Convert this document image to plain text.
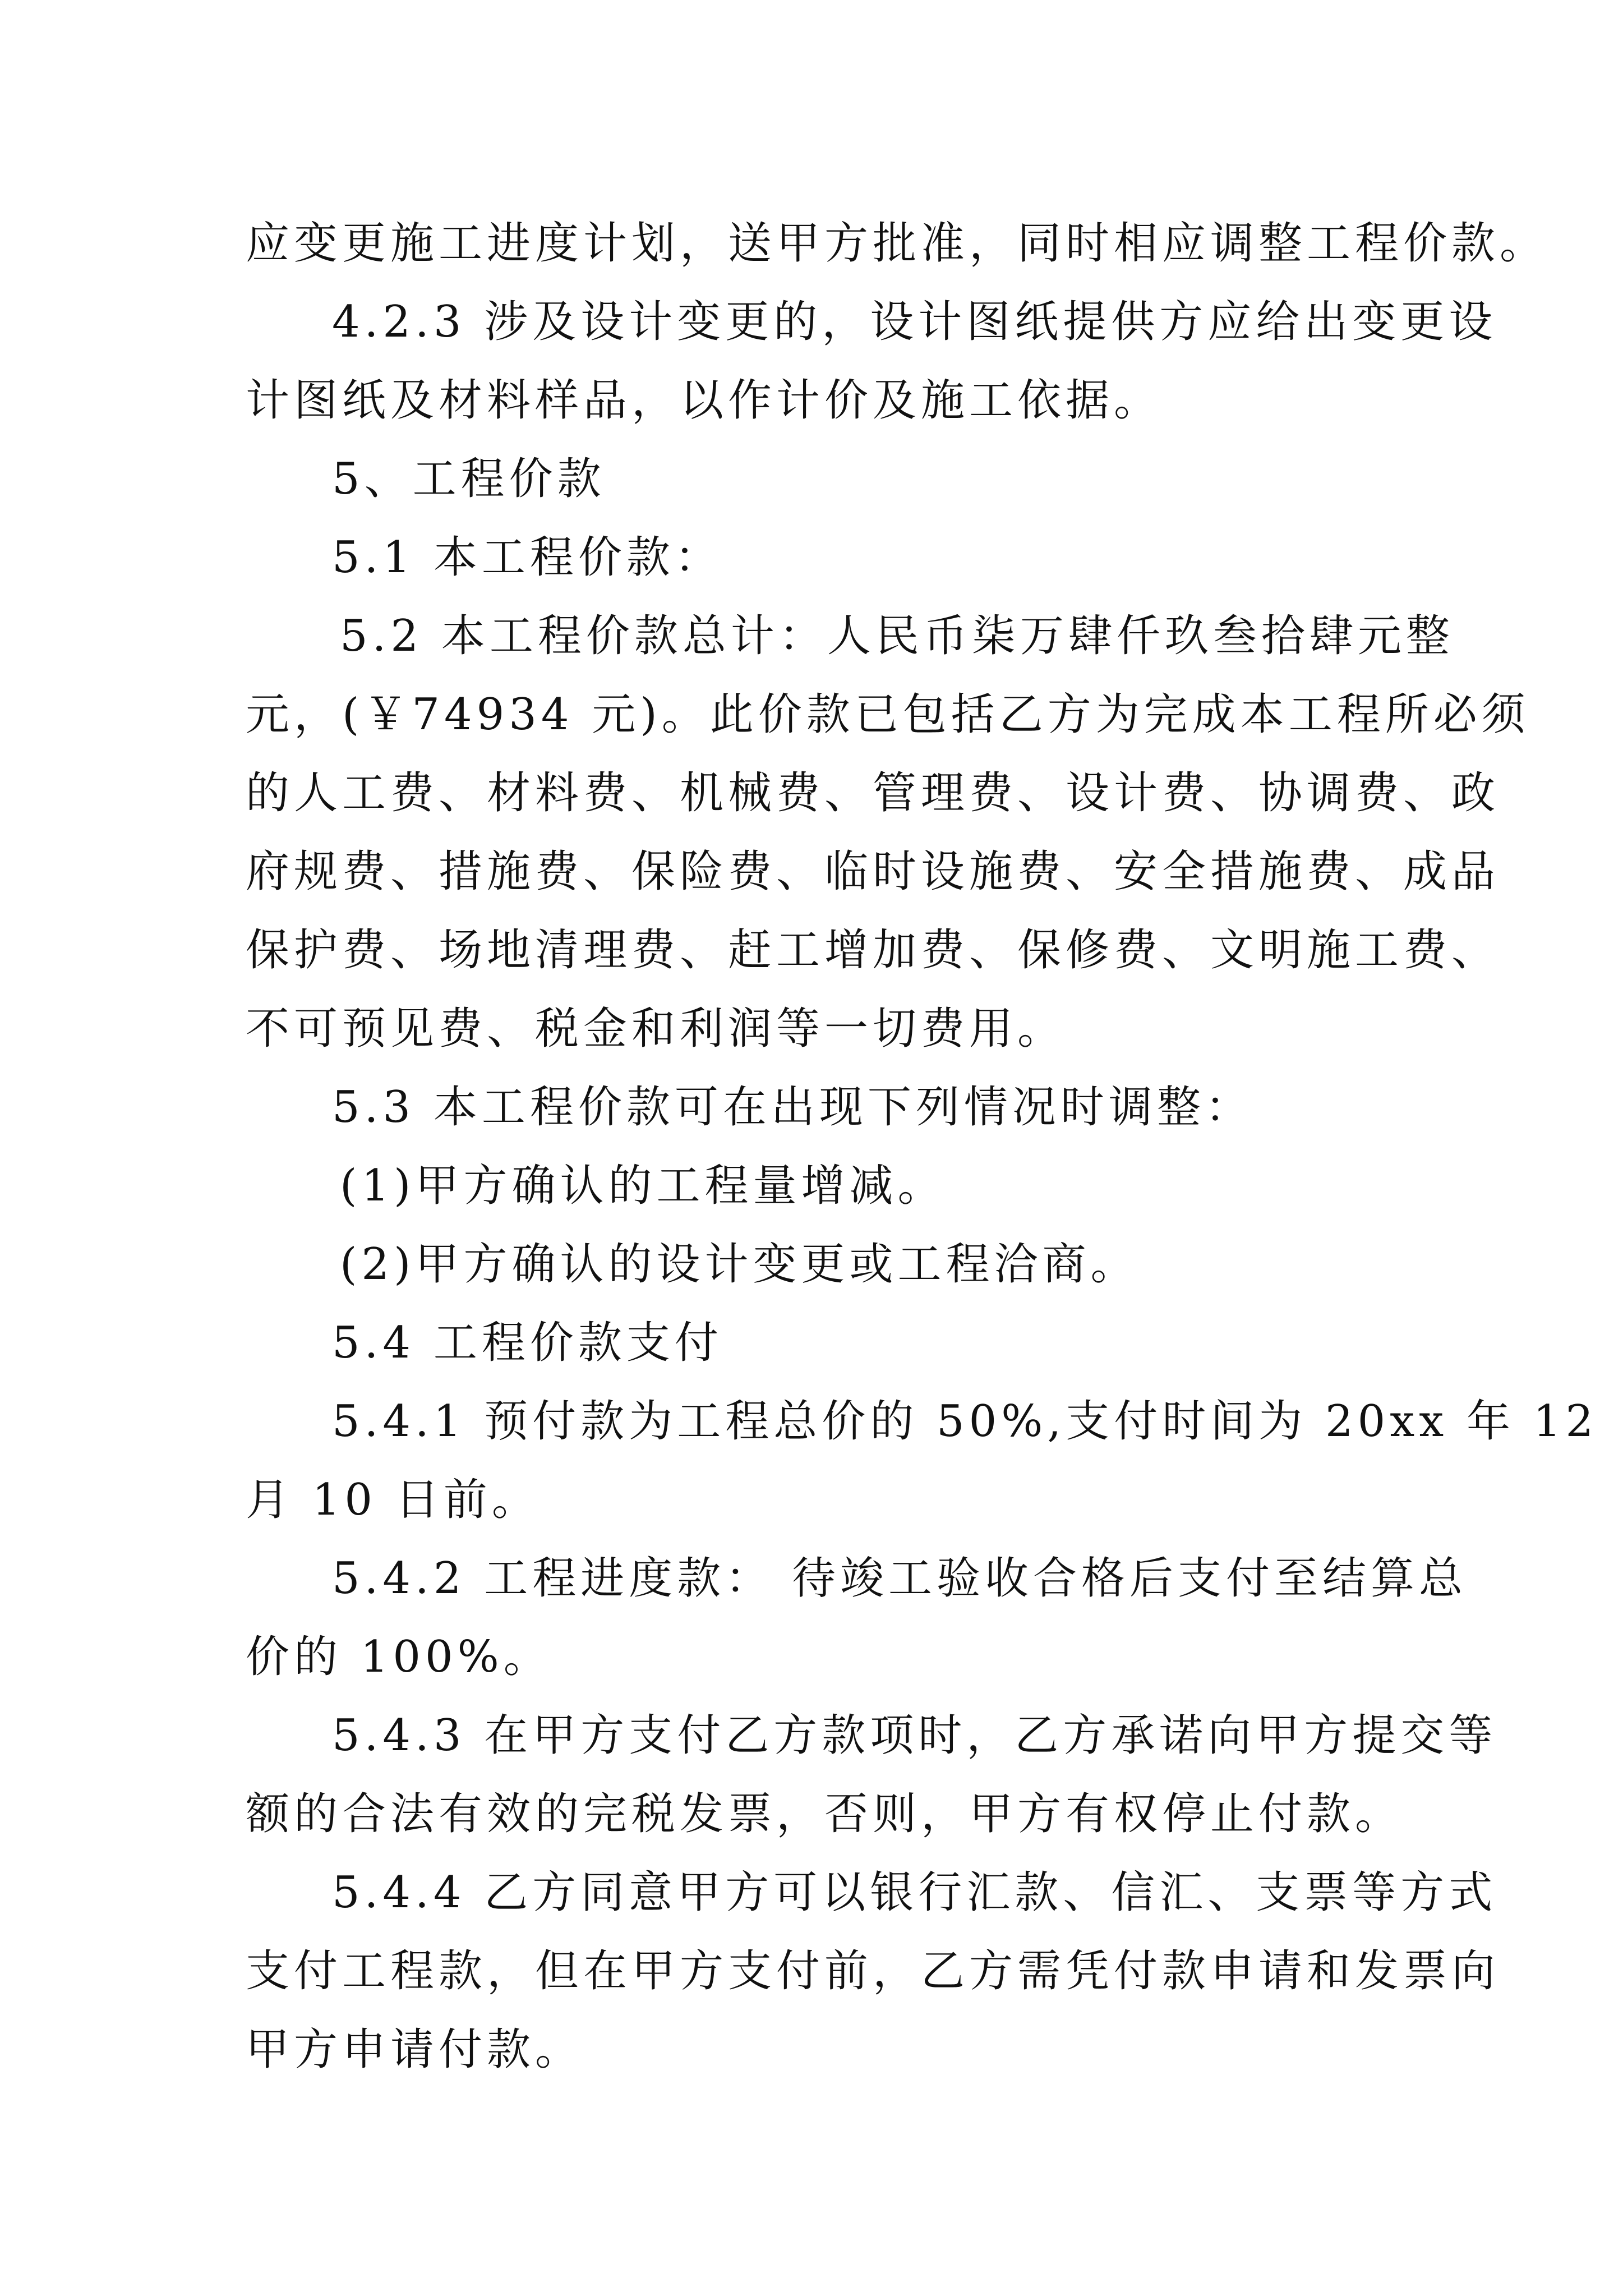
应变更施工进度计划，送甲方批准，同时相应调整工程价款。

4.2.3 涉及设计变更的，设计图纸提供方应给出变更设

计图纸及材料样品，以作计价及施工依据。

5、工程价款

5.1 本工程价款：

5.2 本工程价款总计：人民币柒万肆仟玖叁拾肆元整

元，(￥74934 元)。此价款已包括乙方为完成本工程所必须

的人工费、材料费、机械费、管理费、设计费、协调费、政

府规费、措施费、保险费、临时设施费、安全措施费、成品

保护费、场地清理费、赶工增加费、保修费、文明施工费、

不可预见费、税金和利润等一切费用。

5.3 本工程价款可在出现下列情况时调整：

(1)甲方确认的工程量增减。

(2)甲方确认的设计变更或工程洽商。

5.4 工程价款支付

5.4.1 预付款为工程总价的 50%,支付时间为 20xx 年 12

月 10 日前。

5.4.2 工程进度款： 待竣工验收合格后支付至结算总

价的 100%。

5.4.3 在甲方支付乙方款项时，乙方承诺向甲方提交等

额的合法有效的完税发票，否则，甲方有权停止付款。

5.4.4 乙方同意甲方可以银行汇款、信汇、支票等方式

支付工程款，但在甲方支付前，乙方需凭付款申请和发票向

甲方申请付款。
